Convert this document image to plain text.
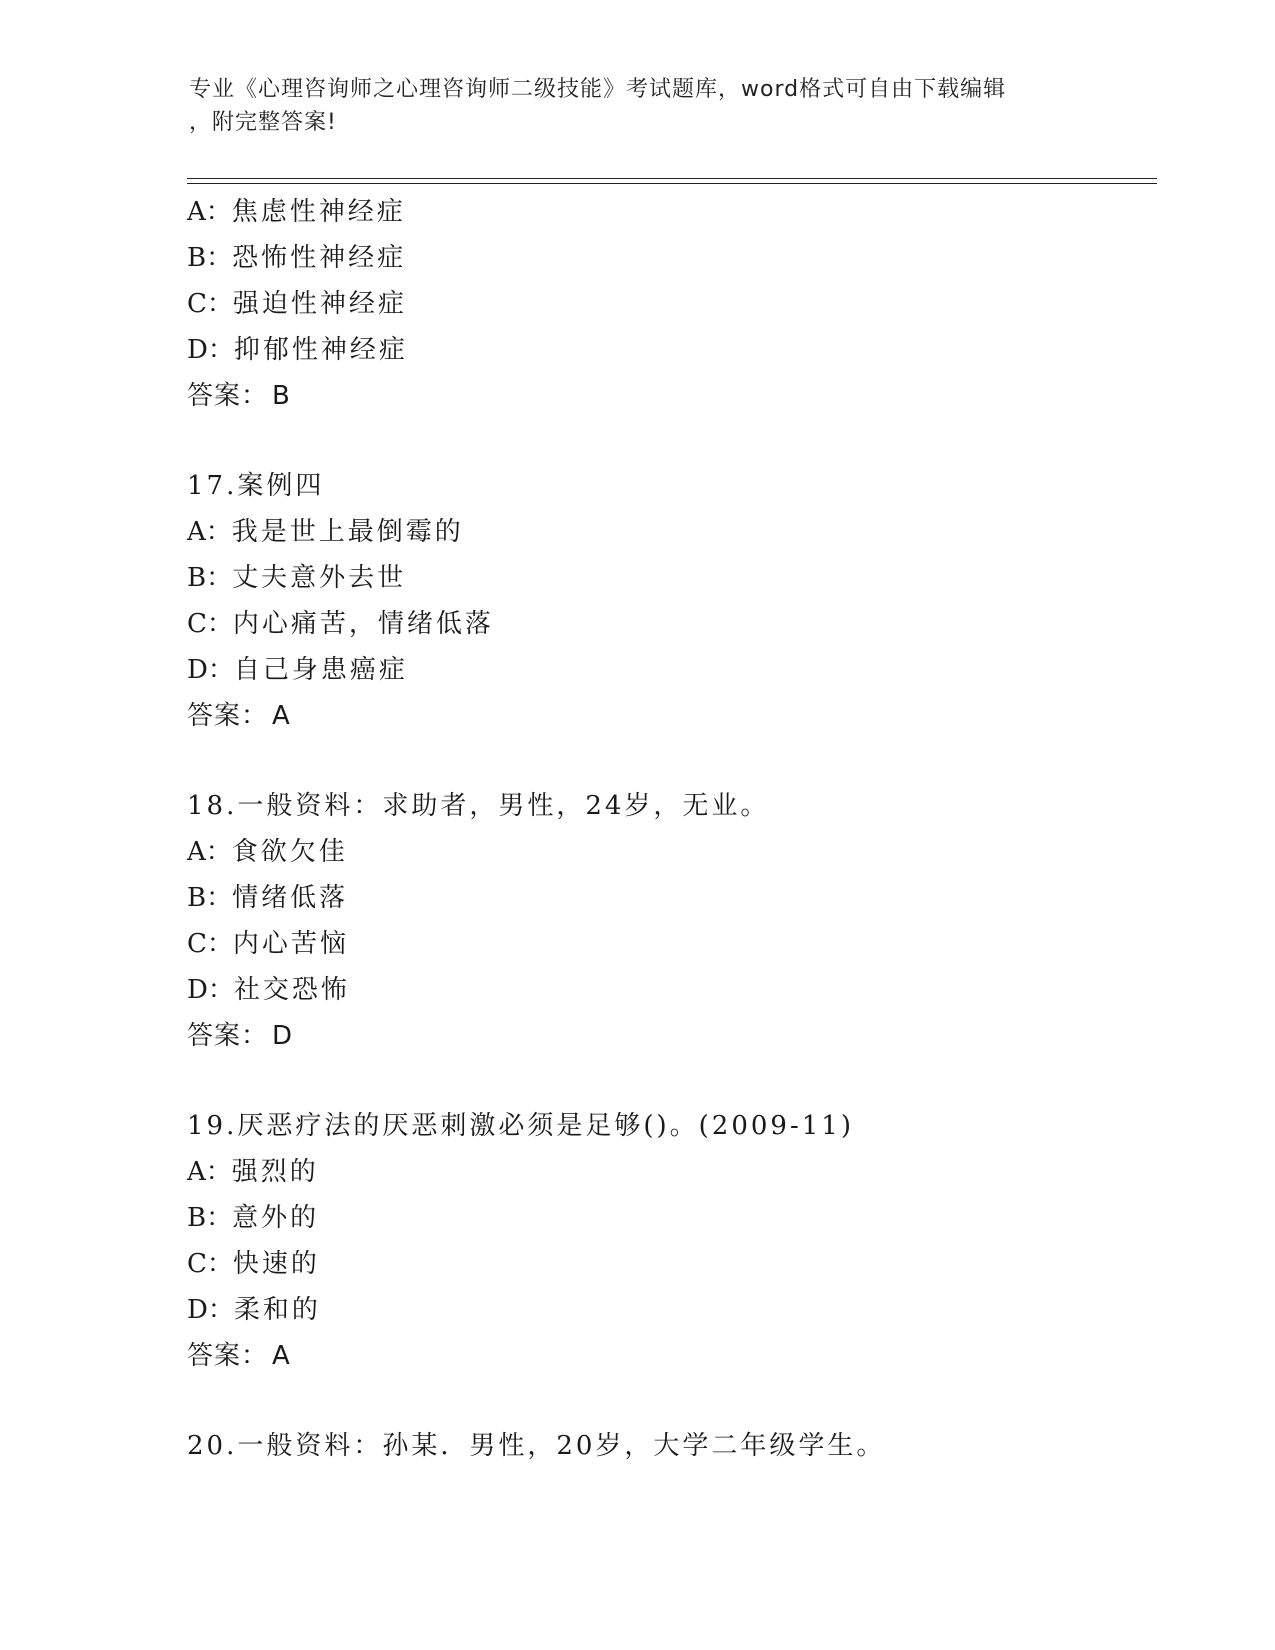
专业《心理咨询师之心理咨询师二级技能》考试题库，word格式可自由下载编辑
，附完整答案!
A：焦虑性神经症
B：恐怖性神经症
C：强迫性神经症
D：抑郁性神经症
答案： B
17.案例四
A：我是世上最倒霉的
B：丈夫意外去世
C：内心痛苦，情绪低落
D：自己身患癌症
答案： A
18.一般资料：求助者，男性，24岁，无业。
A：食欲欠佳
B：情绪低落
C：内心苦恼
D：社交恐怖
答案： D
19.厌恶疗法的厌恶刺激必须是足够()。(2009-11)
A：强烈的
B：意外的
C：快速的
D：柔和的
答案： A
20.一般资料：孙某．男性，20岁，大学二年级学生。
